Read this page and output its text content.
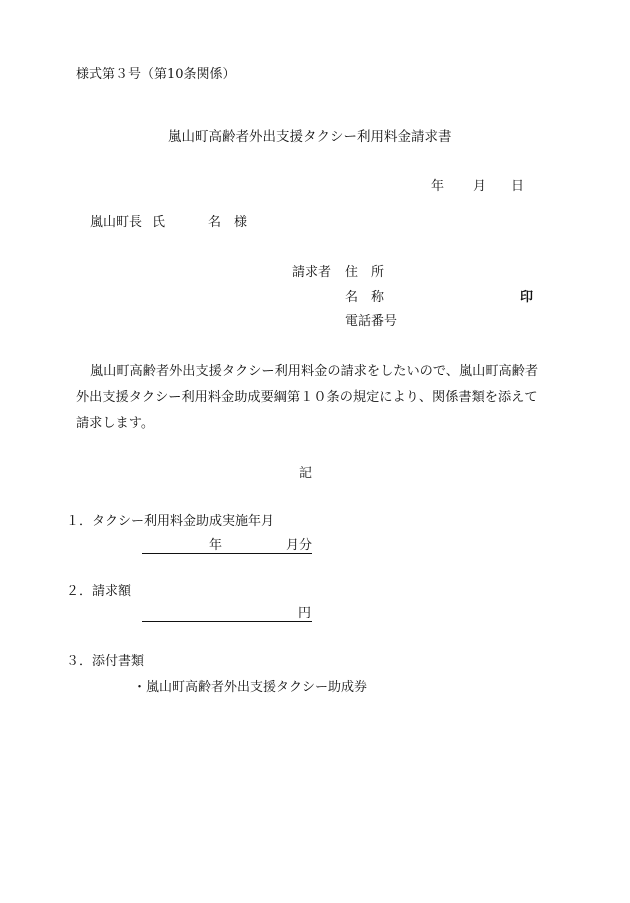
様式第３号（第10条関係）
嵐山町高齢者外出支援タクシー利用料金請求書
年 月 日
嵐山町長 氏	名 様
請求者 住　所
名　称	印
電話番号
嵐山町高齢者外出支援タクシー利用料金の請求をしたいので、嵐山町高齢者
外出支援タクシー利用料金助成要綱第１０条の規定により、関係書類を添えて
請求します。
記
１．タクシー利用料金助成実施年月
年	月分
２．請求額
円
３．添付書類
・嵐山町高齢者外出支援タクシー助成券
